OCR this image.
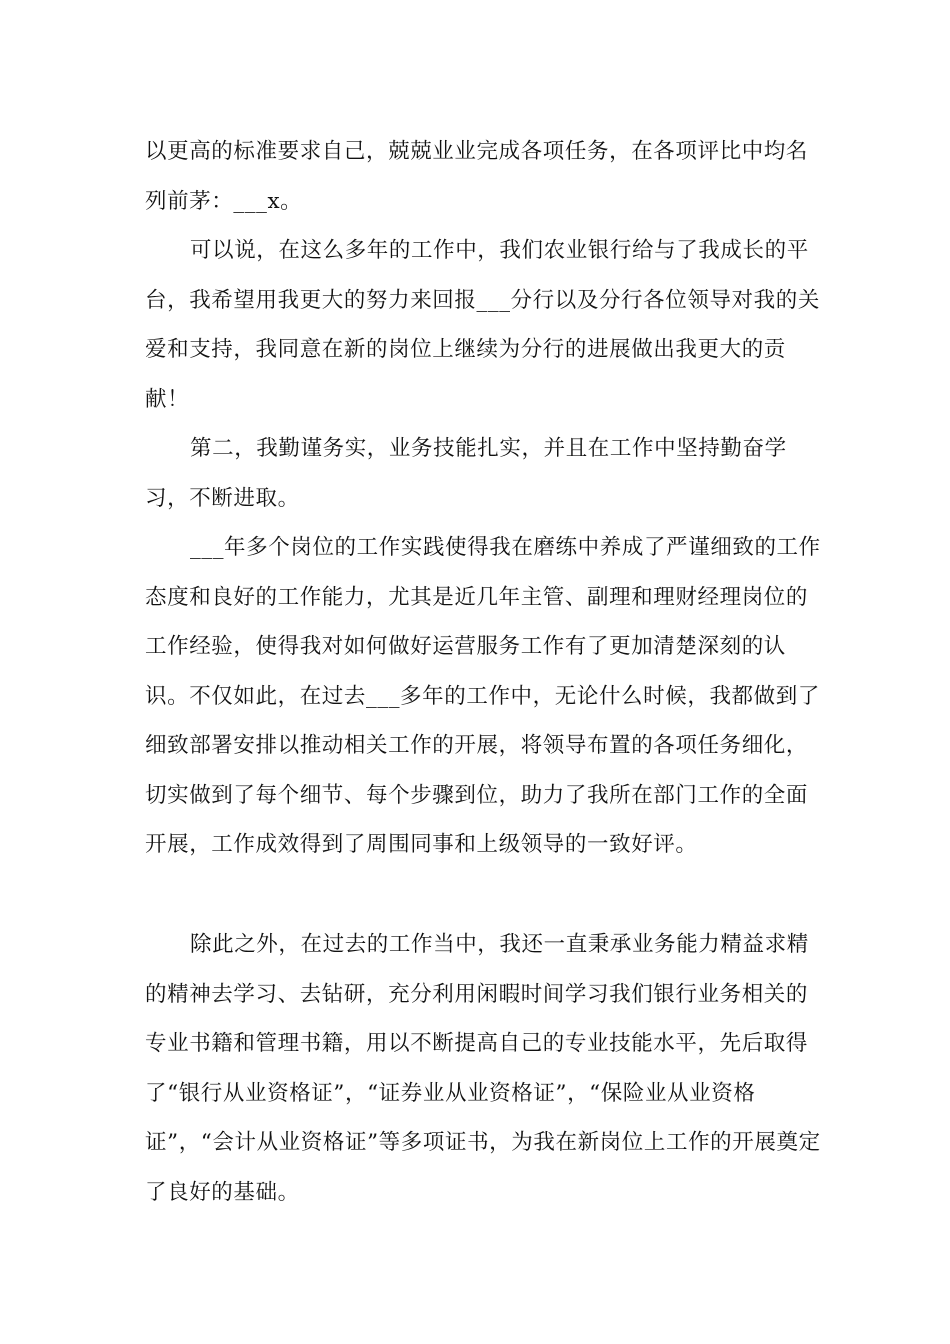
以更高的标准要求自己，兢兢业业完成各项任务，在各项评比中均名列前茅：___x。

可以说，在这么多年的工作中，我们农业银行给与了我成长的平台，我希望用我更大的努力来回报___分行以及分行各位领导对我的关爱和支持，我同意在新的岗位上继续为分行的进展做出我更大的贡献！

第二，我勤谨务实，业务技能扎实，并且在工作中坚持勤奋学习，不断进取。

___年多个岗位的工作实践使得我在磨练中养成了严谨细致的工作态度和良好的工作能力，尤其是近几年主管、副理和理财经理岗位的工作经验，使得我对如何做好运营服务工作有了更加清楚深刻的认识。不仅如此，在过去___多年的工作中，无论什么时候，我都做到了细致部署安排以推动相关工作的开展，将领导布置的各项任务细化，切实做到了每个细节、每个步骤到位，助力了我所在部门工作的全面开展，工作成效得到了周围同事和上级领导的一致好评。

除此之外，在过去的工作当中，我还一直秉承业务能力精益求精的精神去学习、去钻研，充分利用闲暇时间学习我们银行业务相关的专业书籍和管理书籍，用以不断提高自己的专业技能水平，先后取得了“银行从业资格证”，“证券业从业资格证”，“保险业从业资格证”，“会计从业资格证”等多项证书，为我在新岗位上工作的开展奠定了良好的基础。
